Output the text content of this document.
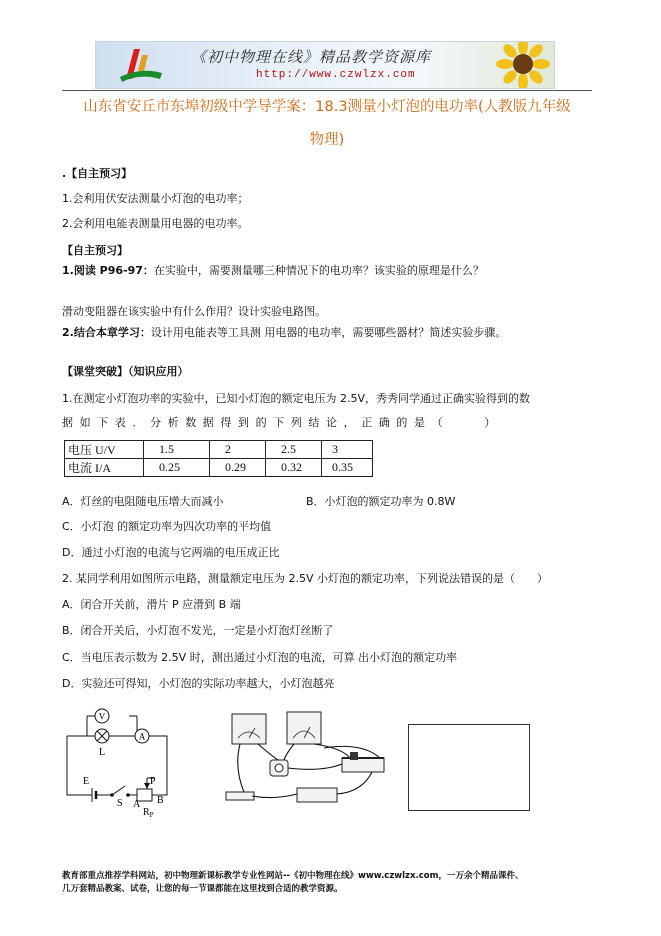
《初中物理在线》精品教学资源库
http://www.czwlzx.com
山东省安丘市东埠初级中学导学案：18.3测量小灯泡的电功率(人教版九年级
物理)
.【自主预习】
1.会利用伏安法测量小灯泡的电功率；
2.会利用电能表测量用电器的电功率。
【自主预习】
1.阅读 P96-97：在实验中，需要测量哪三种情况下的电功率？该实验的原理是什么？
滑动变阻器在该实验中有什么作用？设计实验电路图。
2.结合本章学习：设计用电能表等工具测 用电器的电功率，需要哪些器材？简述实验步骤。
【课堂突破】（知识应用）
1.在测定小灯泡功率的实验中，已知小灯泡的额定电压为 2.5V，秀秀同学通过正确实验得到的数
据如下表．分析数据得到的下列结论，正确的是（　　）
电压 U/V	1.5	2	2.5	3
电流 I/A	0.25	0.29	0.32	0.35
A．灯丝的电阻随电压增大而减小	B．小灯泡的额定功率为 0.8W
C．小灯泡 的额定功率为四次功率的平均值
D．通过小灯泡的电流与它两端的电压成正比
2. 某同学利用如图所示电路，测量额定电压为 2.5V 小灯泡的额定功率，下列说法错误的是（　　）
A．闭合开关前，滑片 P 应滑到 B 端
B．闭合开关后，小灯泡不发光，一定是小灯泡灯丝断了
C．当电压表示数为 2.5V 时，测出通过小灯泡的电流，可算 出小灯泡的额定功率
D．实验还可得知，小灯泡的实际功率越大，小灯泡越亮
V
A
L
E
S A B
P
$R_P$
教育部重点推荐学科网站，初中物理新课标教学专业性网站--《初中物理在线》www.czwlzx.com，一万余个精品课件、
几万套精品教案、试卷，让您的每一节课都能在这里找到合适的教学资源。
